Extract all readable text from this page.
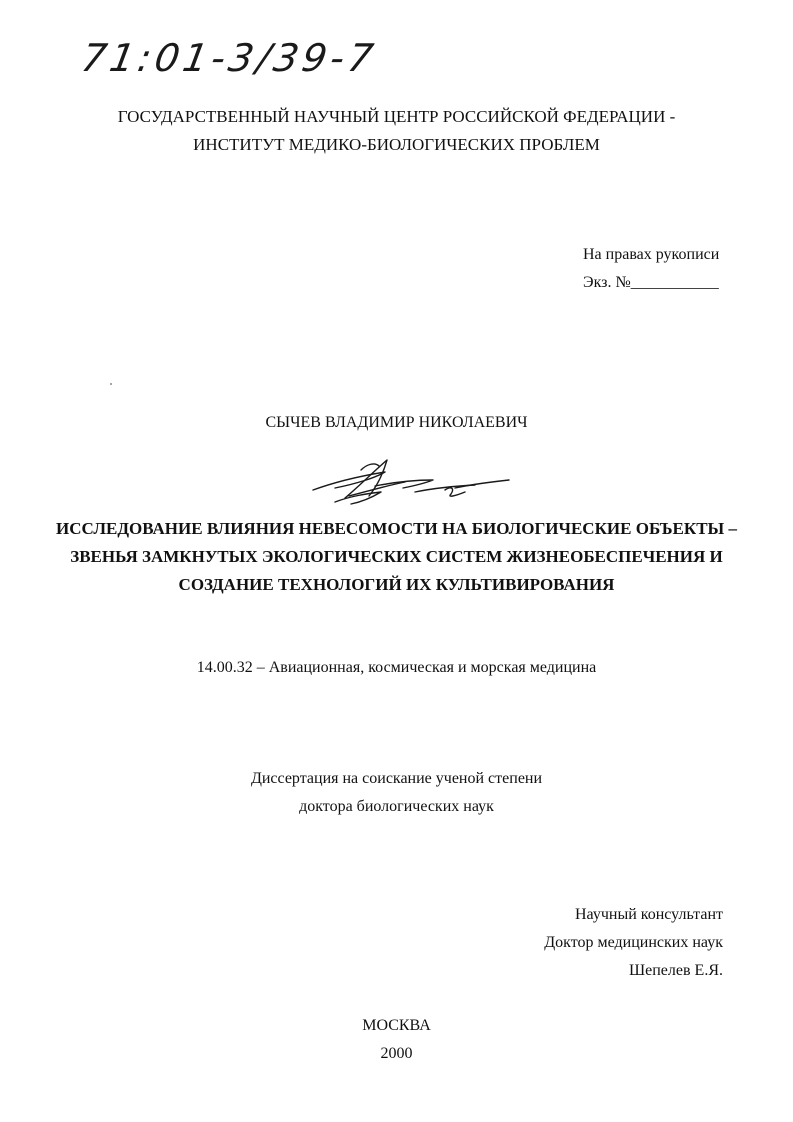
71:01-3/39-7
ГОСУДАРСТВЕННЫЙ НАУЧНЫЙ ЦЕНТР РОССИЙСКОЙ ФЕДЕРАЦИИ -
ИНСТИТУТ МЕДИКО-БИОЛОГИЧЕСКИХ ПРОБЛЕМ
На правах рукописи
Экз. №___________
СЫЧЕВ ВЛАДИМИР НИКОЛАЕВИЧ
ИССЛЕДОВАНИЕ ВЛИЯНИЯ НЕВЕСОМОСТИ НА БИОЛОГИЧЕСКИЕ ОБЪЕКТЫ –
ЗВЕНЬЯ ЗАМКНУТЫХ ЭКОЛОГИЧЕСКИХ СИСТЕМ ЖИЗНЕОБЕСПЕЧЕНИЯ И
СОЗДАНИЕ ТЕХНОЛОГИЙ ИХ КУЛЬТИВИРОВАНИЯ
14.00.32 – Авиационная, космическая и морская медицина
Диссертация на соискание ученой степени
доктора биологических наук
Научный консультант
Доктор медицинских наук
Шепелев Е.Я.
МОСКВА
2000
